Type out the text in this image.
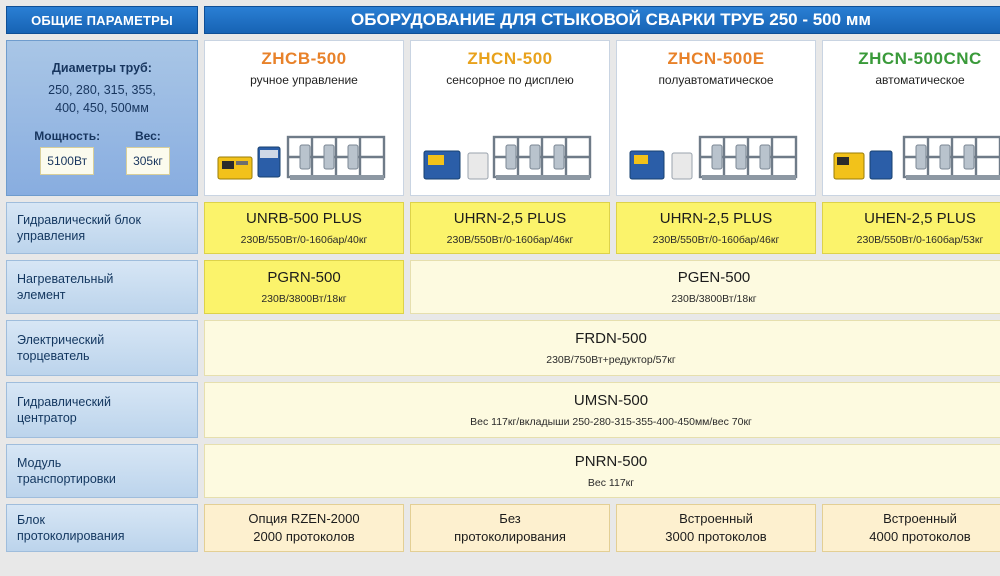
ОБЩИЕ ПАРАМЕТРЫ	ОБОРУДОВАНИЕ ДЛЯ СТЫКОВОЙ СВАРКИ ТРУБ 250 - 500 мм
Диаметры труб:
250, 280, 315, 355,
400, 450, 500мм
Мощность:
5100Вт
Вес:
305кг
ZHCB-500
ручное управление
ZHCN-500
сенсорное по дисплею
ZHCN-500E
полуавтоматическое
ZHCN-500CNC
автоматическое
Гидравлический блок
управления
UNRB-500 PLUS
230В/550Вт/0-160бар/40кг
UHRN-2,5 PLUS
230В/550Вт/0-160бар/46кг
UHRN-2,5 PLUS
230В/550Вт/0-160бар/46кг
UHEN-2,5 PLUS
230В/550Вт/0-160бар/53кг
Нагревательный
элемент
PGRN-500
230В/3800Вт/18кг
PGEN-500
230В/3800Вт/18кг
Электрический
торцеватель
FRDN-500
230В/750Вт+редуктор/57кг
Гидравлический
центратор
UMSN-500
Вес 117кг/вкладыши 250-280-315-355-400-450мм/вес 70кг
Модуль
транспортировки
PNRN-500
Вес 117кг
Блок
протоколирования
Опция RZEN-2000
2000 протоколов
Без
протоколирования
Встроенный
3000 протоколов
Встроенный
4000 протоколов
